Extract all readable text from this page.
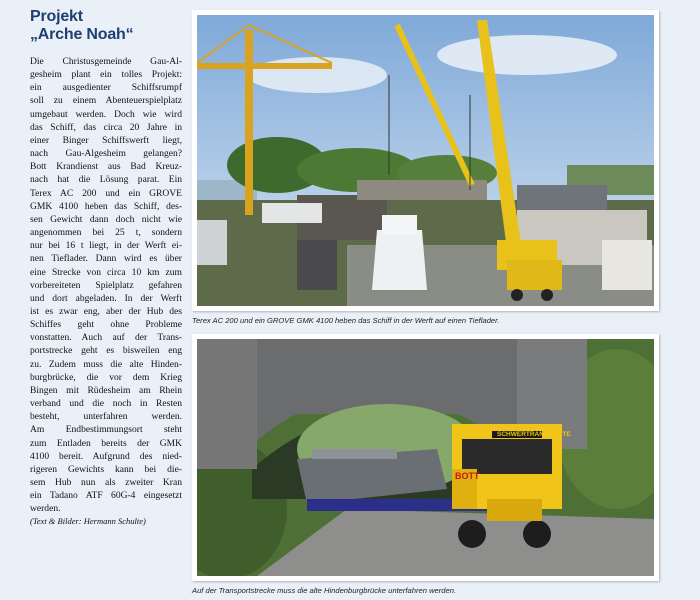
Projekt
„Arche Noah“

Die Christusgemeinde Gau-Al-
gesheim plant ein tolles Projekt:
ein ausgedienter Schiffsrumpf
soll zu einem Abenteuerspielplatz
umgebaut werden. Doch wie wird
das Schiff, das circa 20 Jahre in
einer Binger Schiffswerft liegt,
nach Gau-Algesheim gelangen?
Bott Krandienst aus Bad Kreuz-
nach hat die Lösung parat. Ein
Terex AC 200 und ein GROVE
GMK 4100 heben das Schiff, des-
sen Gewicht dann doch nicht wie
angenommen bei 25 t, sondern
nur bei 16 t liegt, in der Werft ei-
nen Tieflader. Dann wird es über
eine Strecke von circa 10 km zum
vorbereiteten Spielplatz gefahren
und dort abgeladen. In der Werft
ist es zwar eng, aber der Hub des
Schiffes geht ohne Probleme
vonstatten. Auch auf der Trans-
portstrecke geht es bisweilen eng
zu. Zudem muss die alte Hinden-
burgbrücke, die vor dem Krieg
Bingen mit Rüdesheim am Rhein
verband und die noch in Resten
besteht, unterfahren werden.
Am Endbestimmungsort steht
zum Entladen bereits der GMK
4100 bereit. Aufgrund des nied-
rigeren Gewichts kann bei die-
sem Hub nun als zweiter Kran
ein Tadano ATF 60G-4 eingesetzt
werden.
(Text & Bilder: Hermann Schulte)

Terex AC 200 und ein GROVE GMK 4100 heben das Schiff in der Werft auf einen Tieflader.
SCHWERTRANSPORTE
BOTT
Auf der Transportstrecke muss die alte Hindenburgbrücke unterfahren werden.
